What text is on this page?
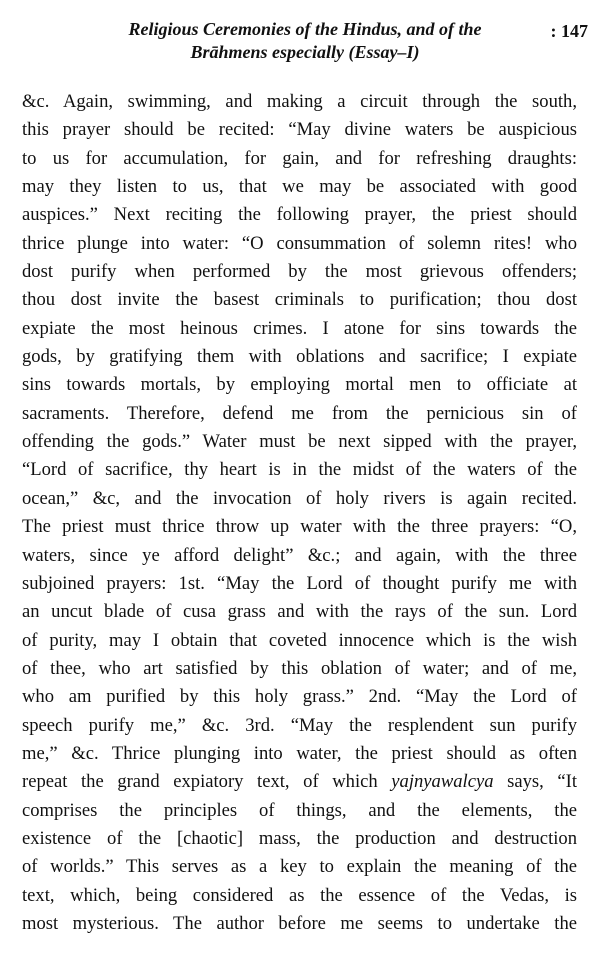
Religious Ceremonies of the Hindus, and of the
Brāhmens especially (Essay–I)
: 147
&c. Again, swimming, and making a circuit through the south,
this prayer should be recited: “May divine waters be auspicious
to us for accumulation, for gain, and for refreshing draughts:
may they listen to us, that we may be associated with good
auspices.” Next reciting the following prayer, the priest should
thrice plunge into water: “O consummation of solemn rites! who
dost purify when performed by the most grievous offenders;
thou dost invite the basest criminals to purification; thou dost
expiate the most heinous crimes. I atone for sins towards the
gods, by gratifying them with oblations and sacrifice; I expiate
sins towards mortals, by employing mortal men to officiate at
sacraments. Therefore, defend me from the pernicious sin of
offending the gods.” Water must be next sipped with the prayer,
“Lord of sacrifice, thy heart is in the midst of the waters of the
ocean,” &c, and the invocation of holy rivers is again recited.
The priest must thrice throw up water with the three prayers: “O,
waters, since ye afford delight” &c.; and again, with the three
subjoined prayers: 1st. “May the Lord of thought purify me with
an uncut blade of cusa grass and with the rays of the sun. Lord
of purity, may I obtain that coveted innocence which is the wish
of thee, who art satisfied by this oblation of water; and of me,
who am purified by this holy grass.” 2nd. “May the Lord of
speech purify me,” &c. 3rd. “May the resplendent sun purify
me,” &c. Thrice plunging into water, the priest should as often
repeat the grand expiatory text, of which yajnyawalcya says, “It
comprises the principles of things, and the elements, the
existence of the [chaotic] mass, the production and destruction
of worlds.” This serves as a key to explain the meaning of the
text, which, being considered as the essence of the Vedas, is
most mysterious. The author before me seems to undertake the
